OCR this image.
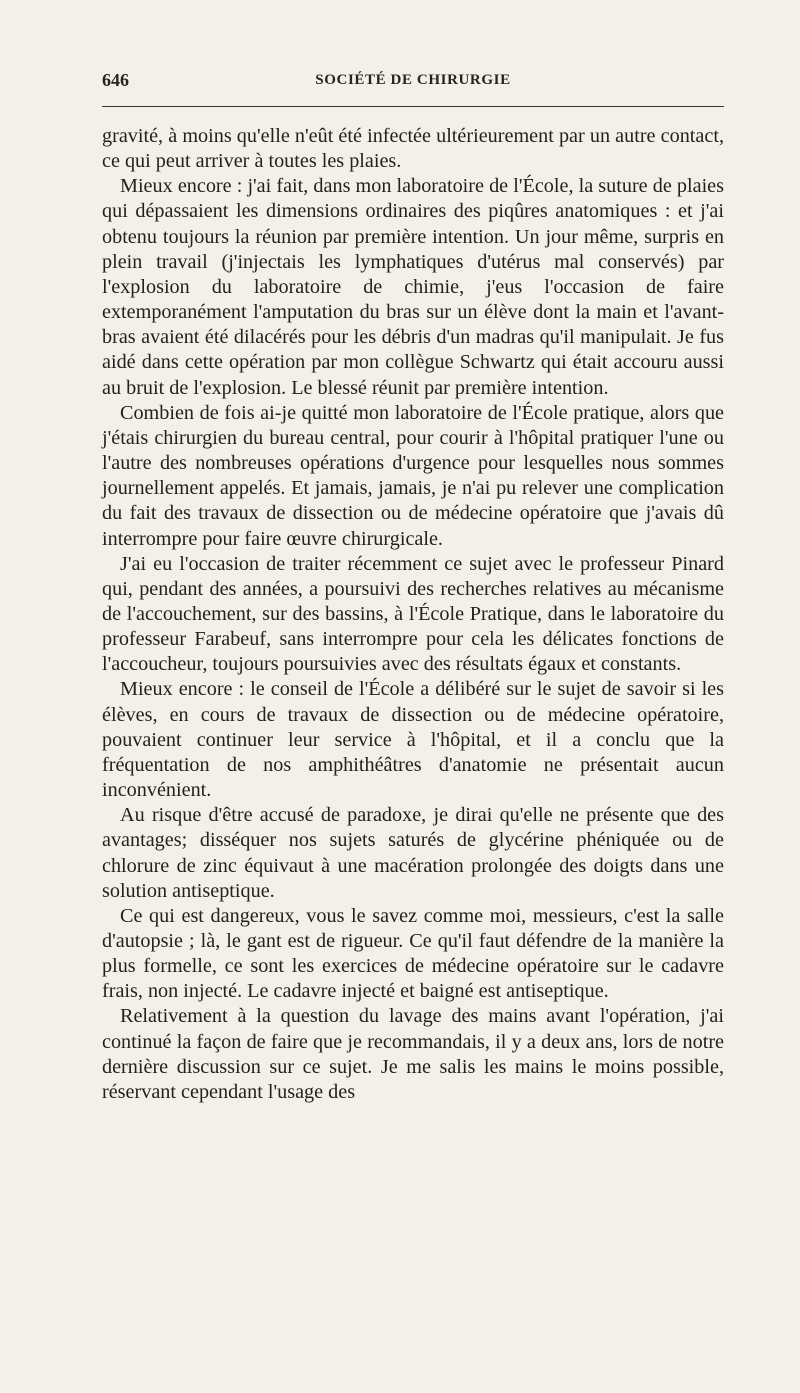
646	SOCIÉTÉ DE CHIRURGIE

gravité, à moins qu'elle n'eût été infectée ultérieurement par un autre contact, ce qui peut arriver à toutes les plaies.

Mieux encore : j'ai fait, dans mon laboratoire de l'École, la suture de plaies qui dépassaient les dimensions ordinaires des piqûres anatomiques : et j'ai obtenu toujours la réunion par première intention. Un jour même, surpris en plein travail (j'injectais les lymphatiques d'utérus mal conservés) par l'explosion du laboratoire de chimie, j'eus l'occasion de faire extemporanément l'amputation du bras sur un élève dont la main et l'avant-bras avaient été dilacérés pour les débris d'un madras qu'il manipulait. Je fus aidé dans cette opération par mon collègue Schwartz qui était accouru aussi au bruit de l'explosion. Le blessé réunit par première intention.

Combien de fois ai-je quitté mon laboratoire de l'École pratique, alors que j'étais chirurgien du bureau central, pour courir à l'hôpital pratiquer l'une ou l'autre des nombreuses opérations d'urgence pour lesquelles nous sommes journellement appelés. Et jamais, jamais, je n'ai pu relever une complication du fait des travaux de dissection ou de médecine opératoire que j'avais dû interrompre pour faire œuvre chirurgicale.

J'ai eu l'occasion de traiter récemment ce sujet avec le professeur Pinard qui, pendant des années, a poursuivi des recherches relatives au mécanisme de l'accouchement, sur des bassins, à l'École Pratique, dans le laboratoire du professeur Farabeuf, sans interrompre pour cela les délicates fonctions de l'accoucheur, toujours poursuivies avec des résultats égaux et constants.

Mieux encore : le conseil de l'École a délibéré sur le sujet de savoir si les élèves, en cours de travaux de dissection ou de médecine opératoire, pouvaient continuer leur service à l'hôpital, et il a conclu que la fréquentation de nos amphithéâtres d'anatomie ne présentait aucun inconvénient.

Au risque d'être accusé de paradoxe, je dirai qu'elle ne présente que des avantages; disséquer nos sujets saturés de glycérine phéniquée ou de chlorure de zinc équivaut à une macération prolongée des doigts dans une solution antiseptique.

Ce qui est dangereux, vous le savez comme moi, messieurs, c'est la salle d'autopsie ; là, le gant est de rigueur. Ce qu'il faut défendre de la manière la plus formelle, ce sont les exercices de médecine opératoire sur le cadavre frais, non injecté. Le cadavre injecté et baigné est antiseptique.

Relativement à la question du lavage des mains avant l'opération, j'ai continué la façon de faire que je recommandais, il y a deux ans, lors de notre dernière discussion sur ce sujet. Je me salis les mains le moins possible, réservant cependant l'usage des
